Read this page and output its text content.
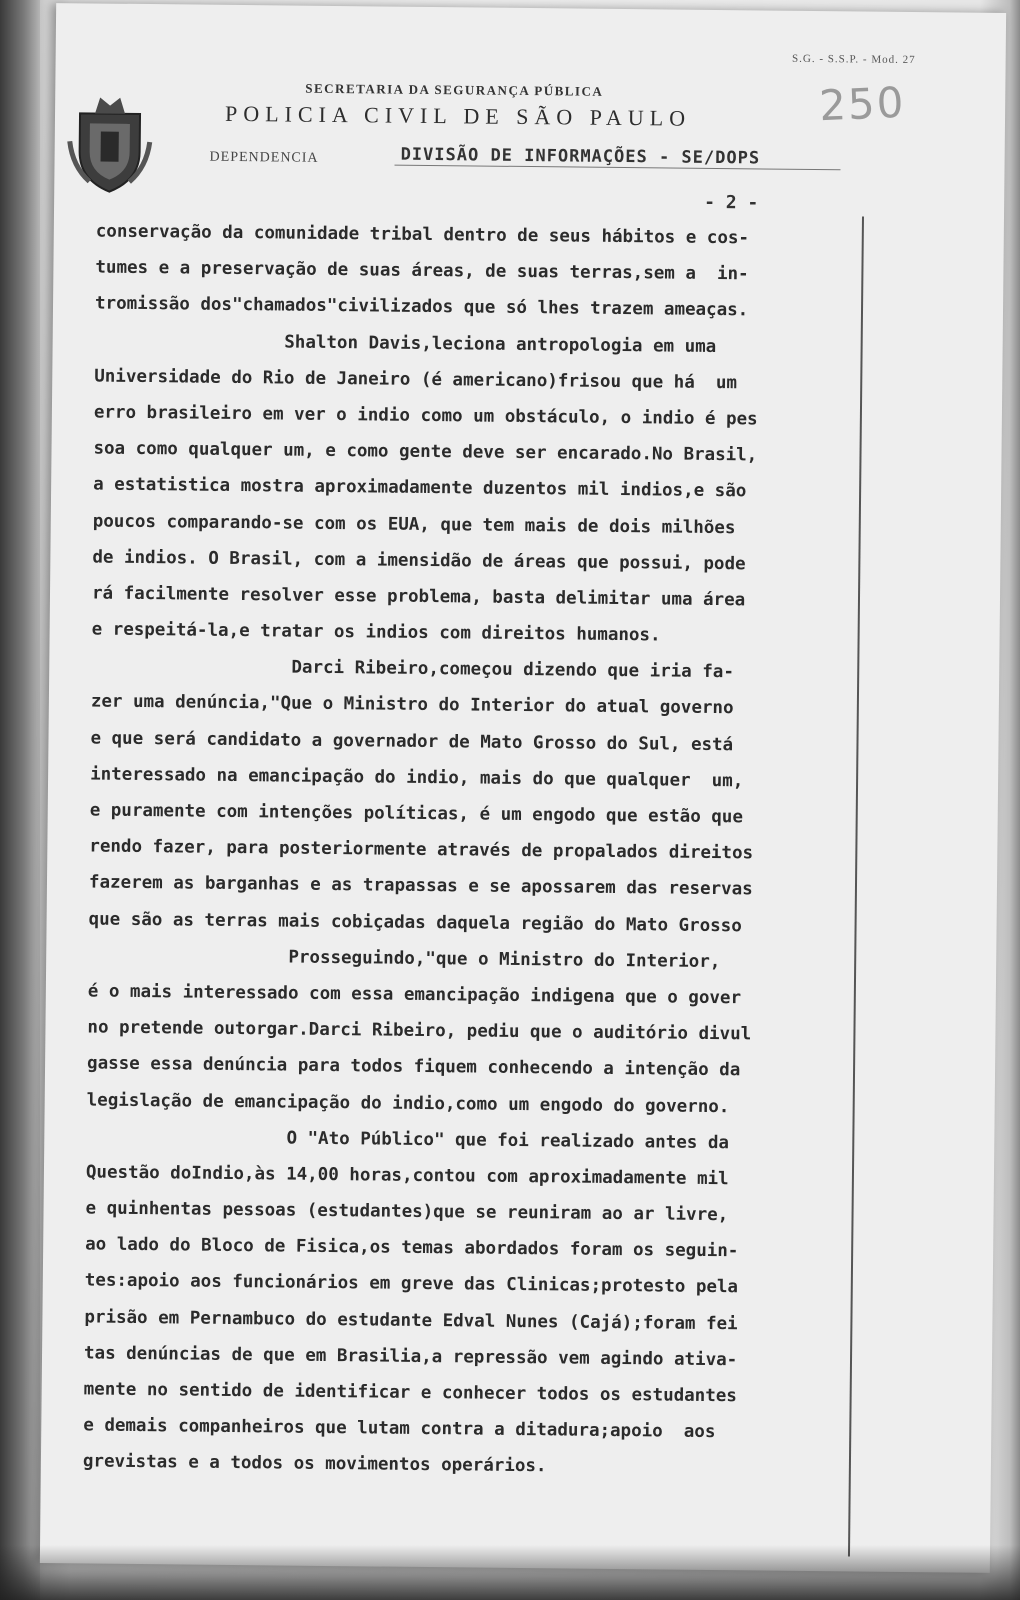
S.G. - S.S.P. - Mod. 27
250
SECRETARIA DA SEGURANÇA PÚBLICA
POLICIA CIVIL DE SÃO PAULO
DEPENDENCIA	DIVISÃO DE INFORMAÇÕES - SE/DOPS
- 2 -
conservação da comunidade tribal dentro de seus hábitos e cos-
tumes e a preservação de suas áreas, de suas terras,sem a  in-
tromissão dos"chamados"civilizados que só lhes trazem ameaças.
Shalton Davis,leciona antropologia em uma
Universidade do Rio de Janeiro (é americano)frisou que há  um
erro brasileiro em ver o indio como um obstáculo, o indio é pes
soa como qualquer um, e como gente deve ser encarado.No Brasil,
a estatistica mostra aproximadamente duzentos mil indios,e são
poucos comparando-se com os EUA, que tem mais de dois milhões
de indios. O Brasil, com a imensidão de áreas que possui, pode
rá facilmente resolver esse problema, basta delimitar uma área
e respeitá-la,e tratar os indios com direitos humanos.
Darci Ribeiro,começou dizendo que iria fa-
zer uma denúncia,"Que o Ministro do Interior do atual governo
e que será candidato a governador de Mato Grosso do Sul, está
interessado na emancipação do indio, mais do que qualquer  um,
e puramente com intenções políticas, é um engodo que estão que
rendo fazer, para posteriormente através de propalados direitos
fazerem as barganhas e as trapassas e se apossarem das reservas
que são as terras mais cobiçadas daquela região do Mato Grosso
Prosseguindo,"que o Ministro do Interior,
é o mais interessado com essa emancipação indigena que o gover
no pretende outorgar.Darci Ribeiro, pediu que o auditório divul
gasse essa denúncia para todos fiquem conhecendo a intenção da
legislação de emancipação do indio,como um engodo do governo.
O "Ato Público" que foi realizado antes da
Questão doIndio,às 14,00 horas,contou com aproximadamente mil
e quinhentas pessoas (estudantes)que se reuniram ao ar livre,
ao lado do Bloco de Fisica,os temas abordados foram os seguin-
tes:apoio aos funcionários em greve das Clinicas;protesto pela
prisão em Pernambuco do estudante Edval Nunes (Cajá);foram fei
tas denúncias de que em Brasilia,a repressão vem agindo ativa-
mente no sentido de identificar e conhecer todos os estudantes
e demais companheiros que lutam contra a ditadura;apoio  aos
grevistas e a todos os movimentos operários.
